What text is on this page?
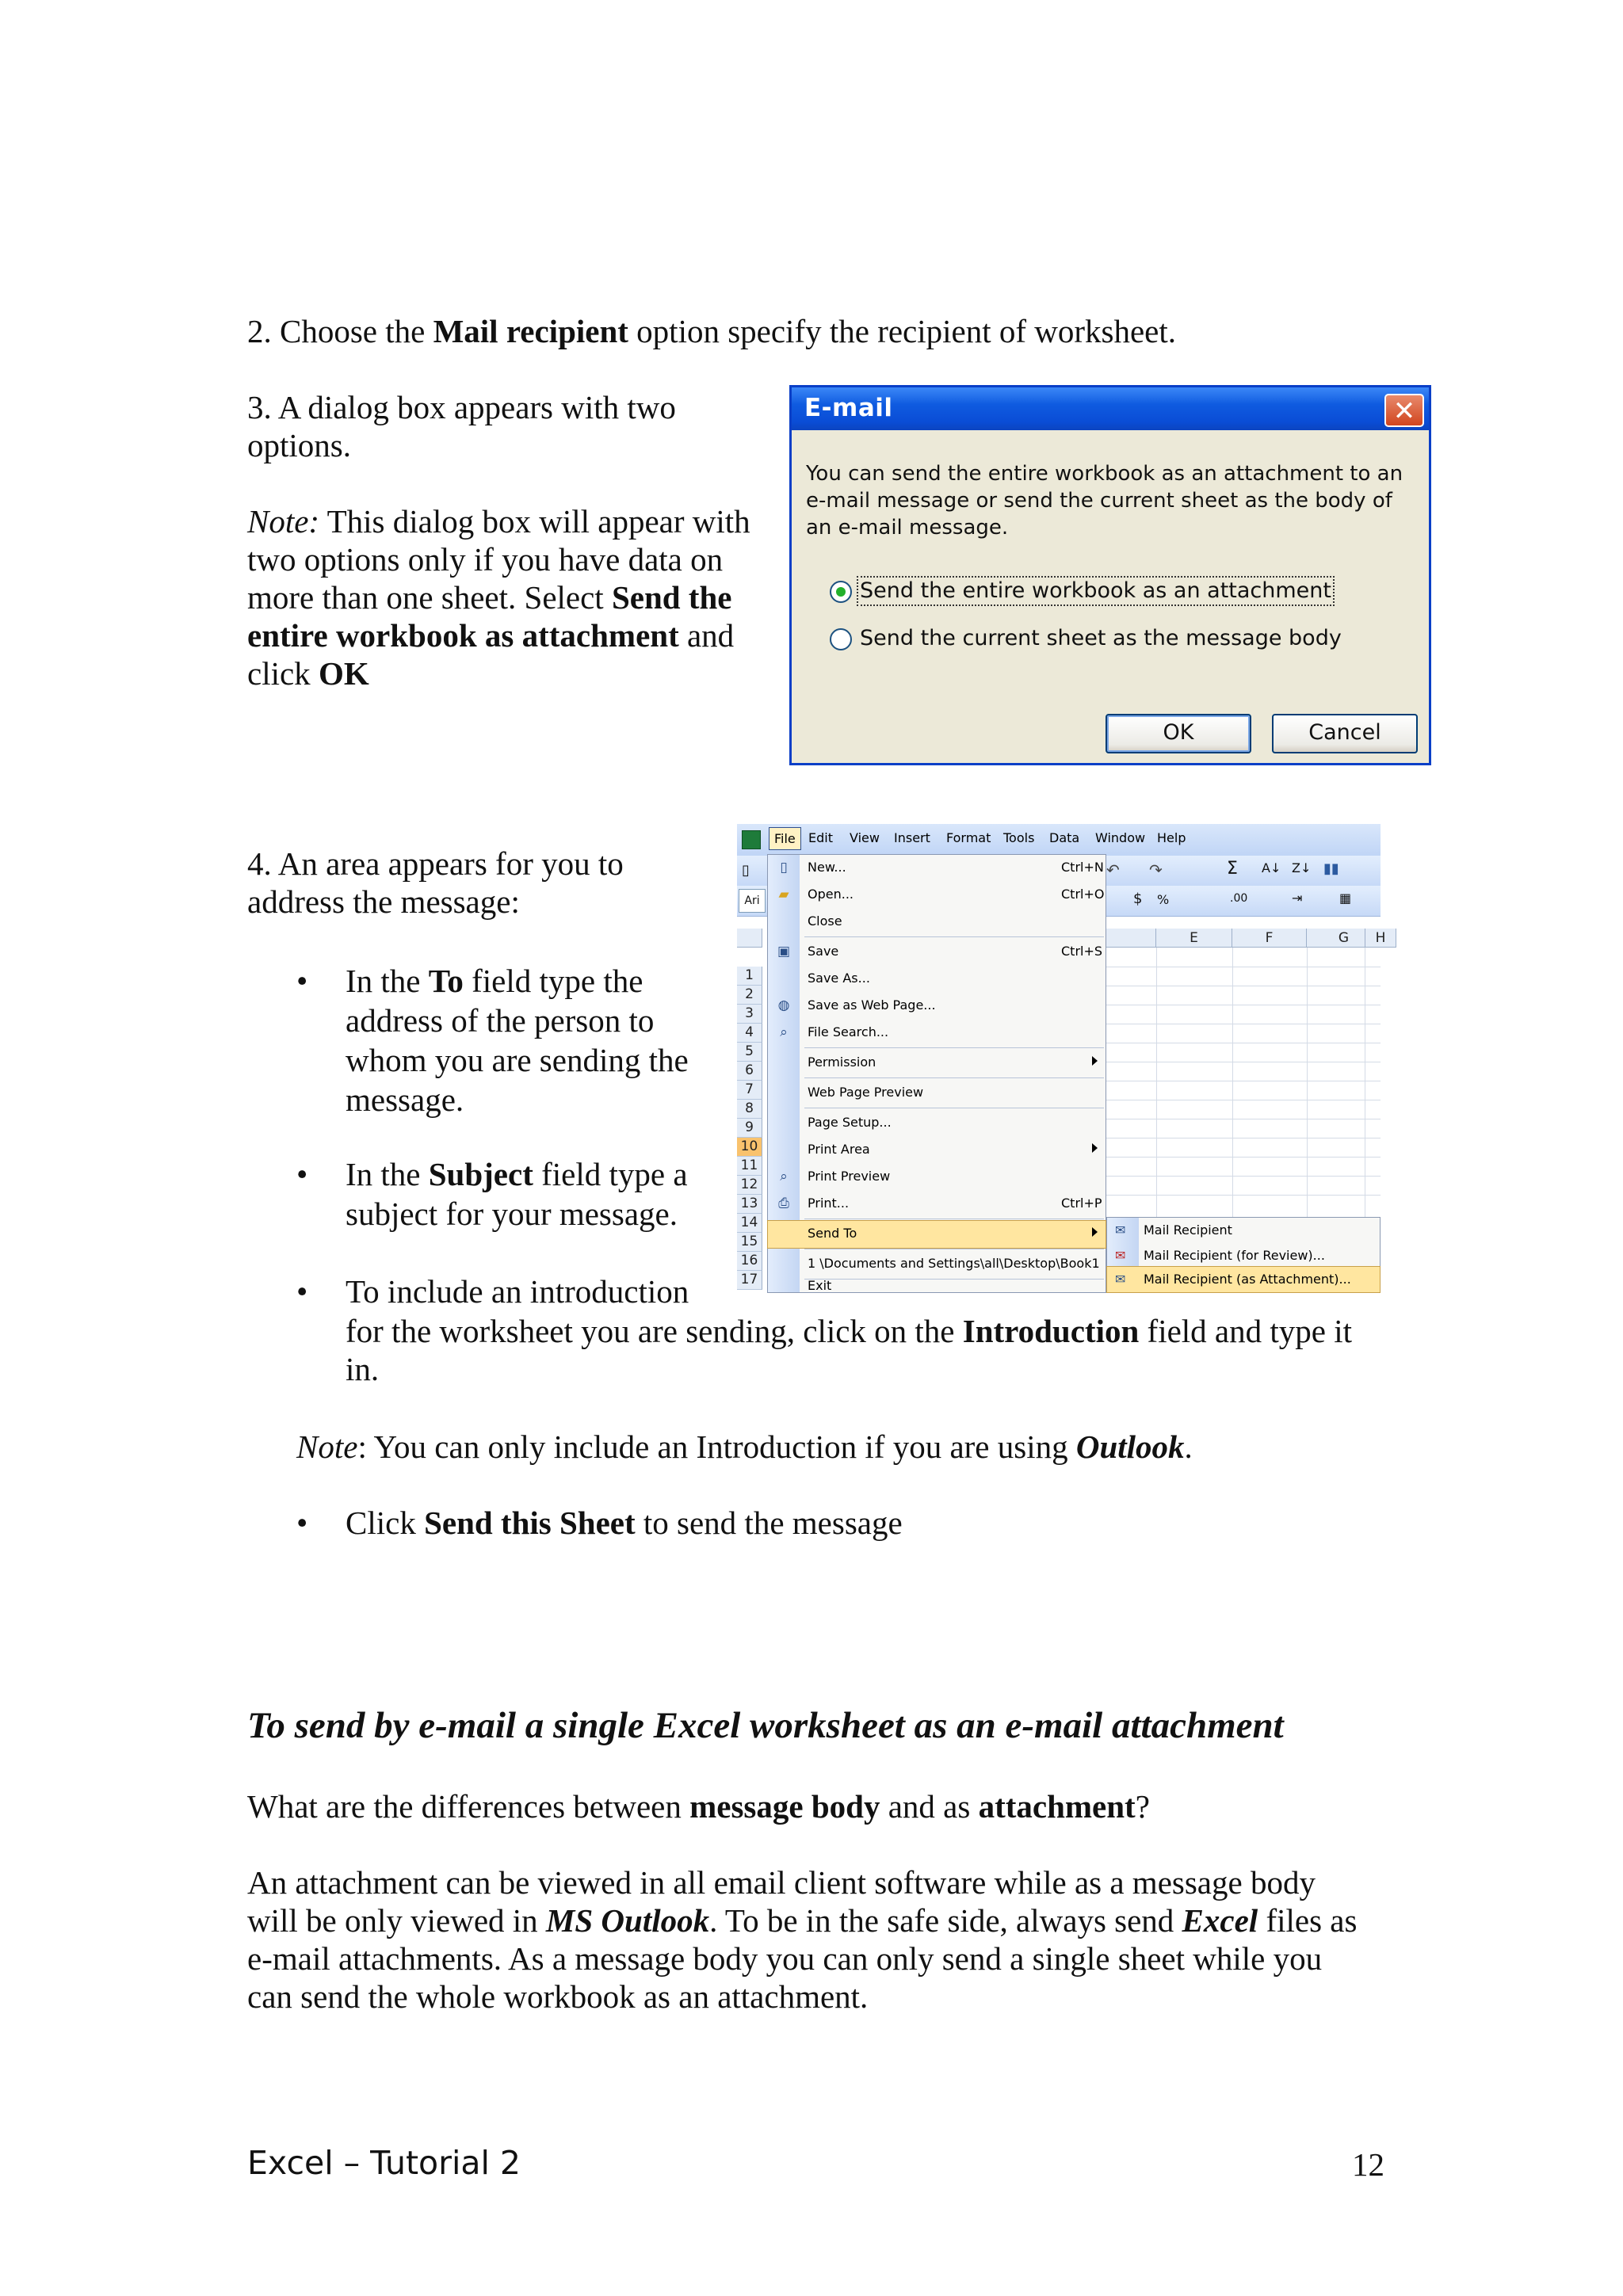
2. Choose the Mail recipient option specify the recipient of worksheet.
3. A dialog box appears with two
options.
Note: This dialog box will appear with
two options only if you have data on
more than one sheet. Select Send the
entire workbook as attachment and
click OK
E-mail	✕
You can send the entire workbook as an attachment to an e-mail message or send the current sheet as the body of an e-mail message.
Send the entire workbook as an attachment
Send the current sheet as the message body
OK	Cancel
4. An area appears for you to
address the message:
• In the To field type the
address of the person to
whom you are sending the
message.
• In the Subject field type a
subject for your message.
• To include an introduction
for the worksheet you are sending, click on the Introduction field and type it
in.
Note: You can only include an Introduction if you are using Outlook.
• Click Send this Sheet to send the message
File	Edit View Insert Format Tools Data Window Help
▯	↶ ↷	Σ A↓ Z↓ ▮▮
Ari	$ %	.00	⇥	▦
E	F	G	H
1
2
3
4
5
6
7
8
9
10
11
12
13
14
15
16
17
▯	New...	Ctrl+N
▰ Open...	Ctrl+O
Close
▣ Save	Ctrl+S
Save As...
◍ Save as Web Page...
⌕	File Search...
Permission
Web Page Preview
Page Setup...
Print Area
⌕	Print Preview
⎙ Print...	Ctrl+P
Send To
1 \Documents and Settings\all\Desktop\Book1
Exit
✉ Mail Recipient
✉ Mail Recipient (for Review)...
✉ Mail Recipient (as Attachment)...
To send by e-mail a single Excel worksheet as an e-mail attachment
What are the differences between message body and as attachment?
An attachment can be viewed in all email client software while as a message body
will be only viewed in MS Outlook. To be in the safe side, always send Excel files as
e-mail attachments. As a message body you can only send a single sheet while you
can send the whole workbook as an attachment.
Excel – Tutorial 2	12
